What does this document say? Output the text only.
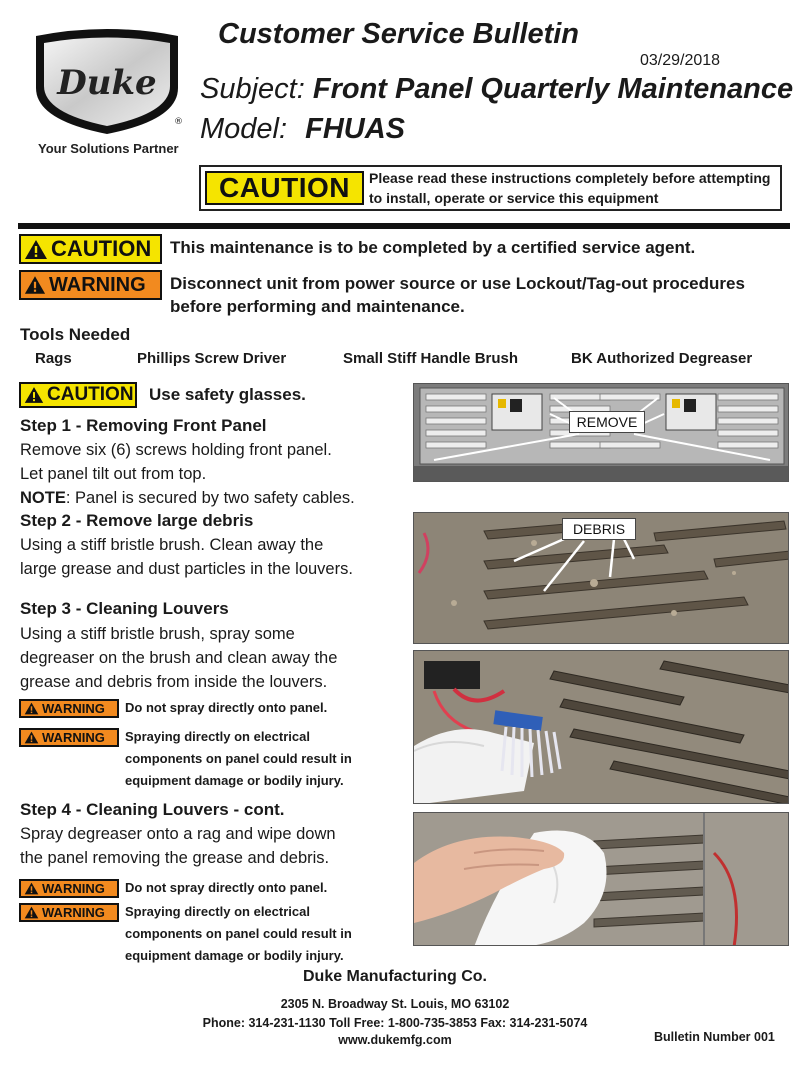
Duke
®
Your Solutions Partner
Customer Service Bulletin
03/29/2018
Subject: Front Panel Quarterly Maintenance
Model: FHUAS
CAUTION	Please read these instructions completely before attempting to install, operate or service this equipment
CAUTION This maintenance is to be completed by a certified service agent.
WARNING Disconnect unit from power source or use Lockout/Tag-out procedures
before performing and maintenance.
Tools Needed
Rags	Phillips Screw Driver	Small Stiff Handle Brush	BK Authorized Degreaser
CAUTION Use safety glasses.
Step 1 - Removing Front Panel
Remove six (6) screws holding front panel.
Let panel tilt out from top.
NOTE: Panel is secured by two safety cables.
Step 2 - Remove large debris
Using a stiff bristle brush. Clean away the
large grease and dust particles in the louvers.
Step 3 - Cleaning Louvers
Using a stiff bristle brush, spray some
degreaser on the brush and clean away the
grease and debris from inside the louvers.
WARNING Do not spray directly onto panel.
WARNING Spraying directly on electrical
components on panel could result in
equipment damage or bodily injury.
Step 4 - Cleaning Louvers - cont.
Spray degreaser onto a rag and wipe down
the panel removing the grease and debris.
WARNING Do not spray directly onto panel.
WARNING Spraying directly on electrical
components on panel could result in
equipment damage or bodily injury.
REMOVE
DEBRIS
Duke Manufacturing Co.
2305 N. Broadway St. Louis, MO 63102
Phone: 314-231-1130 Toll Free: 1-800-735-3853 Fax: 314-231-5074
www.dukemfg.com	Bulletin Number 001
